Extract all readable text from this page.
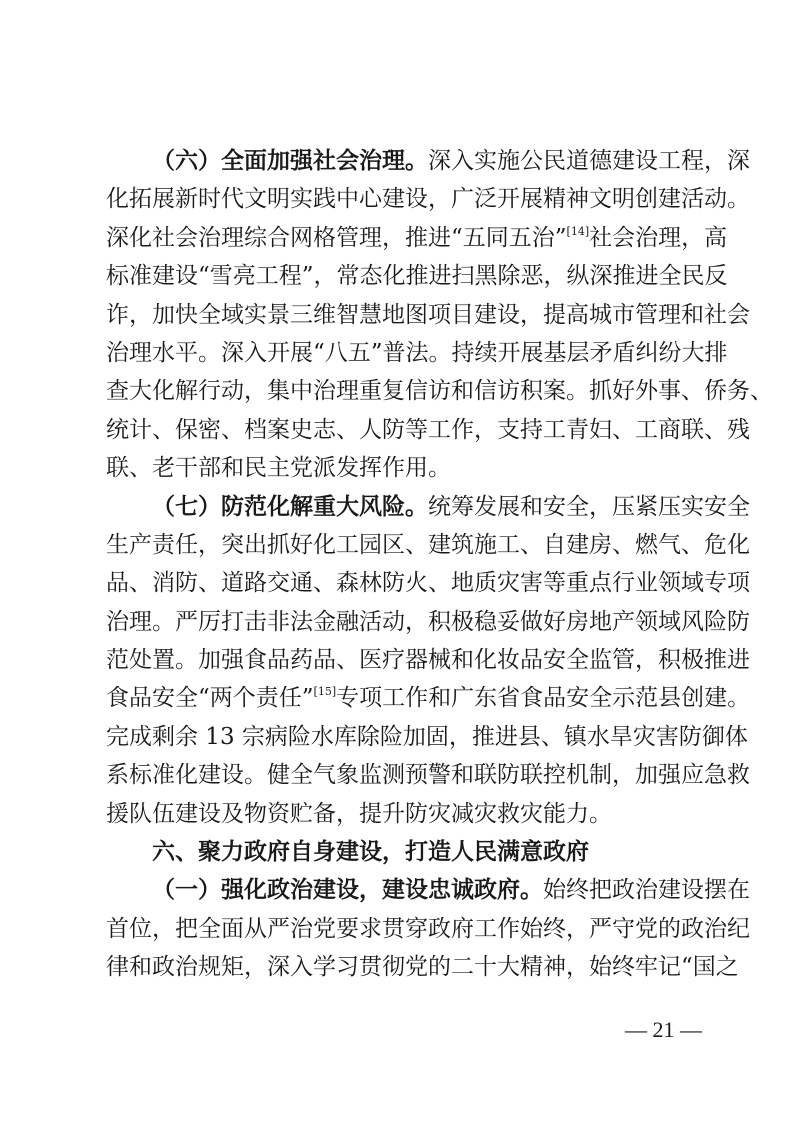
（六）全面加强社会治理。深入实施公民道德建设工程，深
化拓展新时代文明实践中心建设，广泛开展精神文明创建活动。
深化社会治理综合网格管理，推进“五同五治”[14]社会治理，高
标准建设“雪亮工程”，常态化推进扫黑除恶，纵深推进全民反
诈，加快全域实景三维智慧地图项目建设，提高城市管理和社会
治理水平。深入开展“八五”普法。持续开展基层矛盾纠纷大排
查大化解行动，集中治理重复信访和信访积案。抓好外事、侨务、
统计、保密、档案史志、人防等工作，支持工青妇、工商联、残
联、老干部和民主党派发挥作用。
（七）防范化解重大风险。统筹发展和安全，压紧压实安全
生产责任，突出抓好化工园区、建筑施工、自建房、燃气、危化
品、消防、道路交通、森林防火、地质灾害等重点行业领域专项
治理。严厉打击非法金融活动，积极稳妥做好房地产领域风险防
范处置。加强食品药品、医疗器械和化妆品安全监管，积极推进
食品安全“两个责任”[15]专项工作和广东省食品安全示范县创建。
完成剩余 13 宗病险水库除险加固，推进县、镇水旱灾害防御体
系标准化建设。健全气象监测预警和联防联控机制，加强应急救
援队伍建设及物资贮备，提升防灾减灾救灾能力。
六、聚力政府自身建设，打造人民满意政府
（一）强化政治建设，建设忠诚政府。始终把政治建设摆在
首位，把全面从严治党要求贯穿政府工作始终，严守党的政治纪
律和政治规矩，深入学习贯彻党的二十大精神，始终牢记“国之
— 21 —
